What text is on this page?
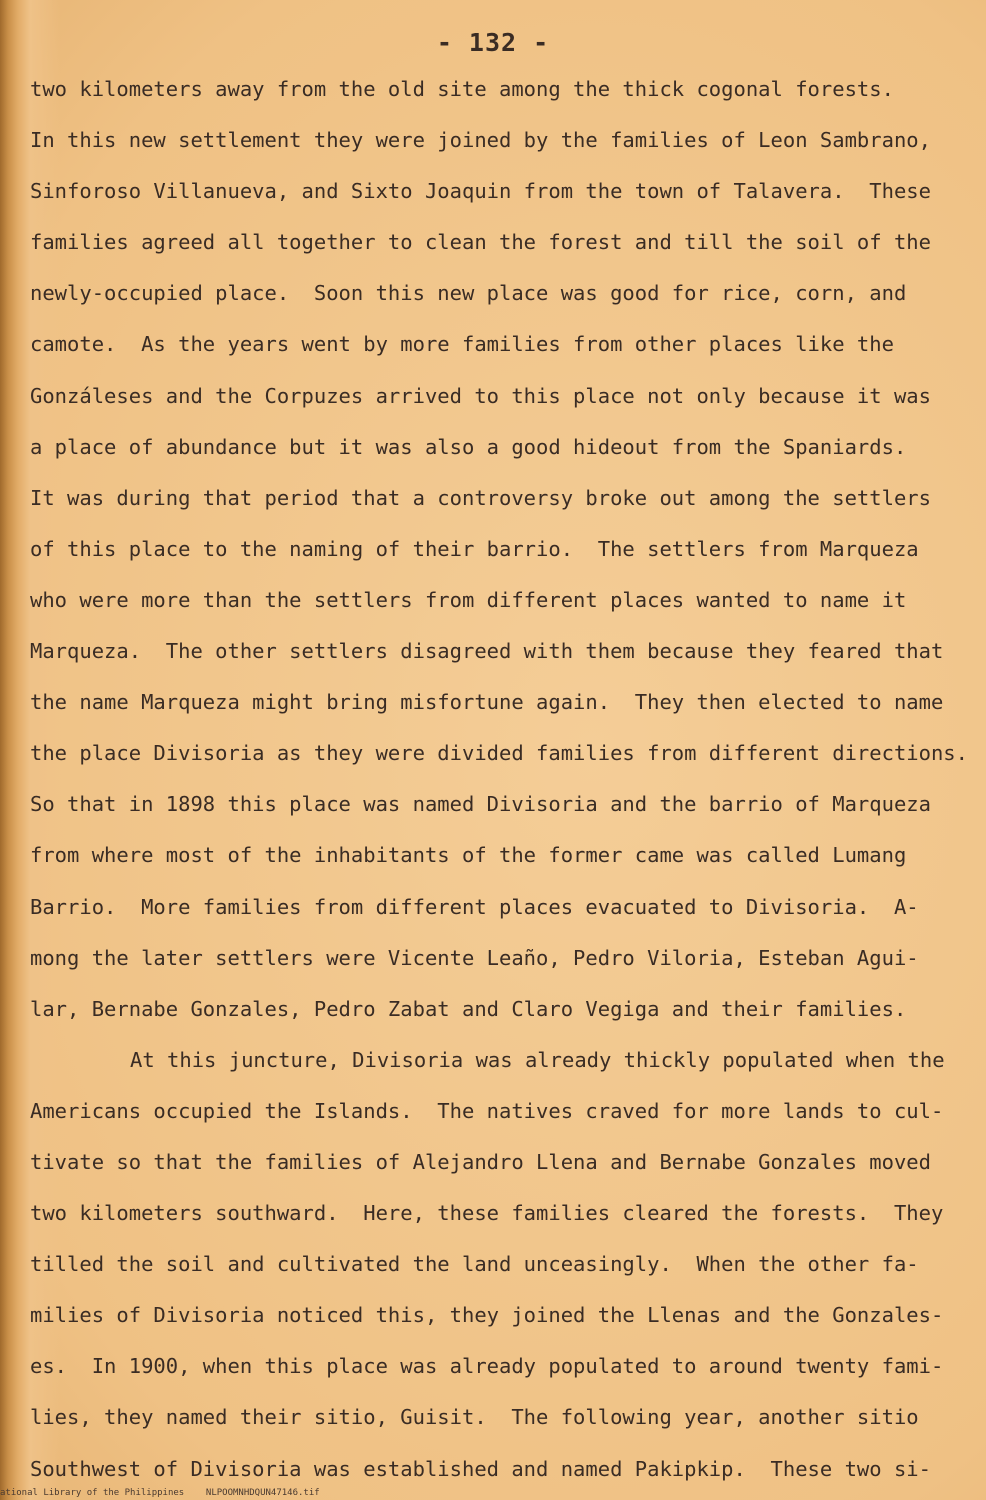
- 132 -
two kilometers away from the old site among the thick cogonal forests.
In this new settlement they were joined by the families of Leon Sambrano,
Sinforoso Villanueva, and Sixto Joaquin from the town of Talavera.  These
families agreed all together to clean the forest and till the soil of the
newly-occupied place.  Soon this new place was good for rice, corn, and
camote.  As the years went by more families from other places like the
Gonzáleses and the Corpuzes arrived to this place not only because it was
a place of abundance but it was also a good hideout from the Spaniards.
It was during that period that a controversy broke out among the settlers
of this place to the naming of their barrio.  The settlers from Marqueza
who were more than the settlers from different places wanted to name it
Marqueza.  The other settlers disagreed with them because they feared that
the name Marqueza might bring misfortune again.  They then elected to name
the place Divisoria as they were divided families from different directions.
So that in 1898 this place was named Divisoria and the barrio of Marqueza
from where most of the inhabitants of the former came was called Lumang
Barrio.  More families from different places evacuated to Divisoria.  A-
mong the later settlers were Vicente Leaño, Pedro Viloria, Esteban Agui-
lar, Bernabe Gonzales, Pedro Zabat and Claro Vegiga and their families.
At this juncture, Divisoria was already thickly populated when the
Americans occupied the Islands.  The natives craved for more lands to cul-
tivate so that the families of Alejandro Llena and Bernabe Gonzales moved
two kilometers southward.  Here, these families cleared the forests.  They
tilled the soil and cultivated the land unceasingly.  When the other fa-
milies of Divisoria noticed this, they joined the Llenas and the Gonzales-
es.  In 1900, when this place was already populated to around twenty fami-
lies, they named their sitio, Guisit.  The following year, another sitio
Southwest of Divisoria was established and named Pakipkip.  These two si-
ational Library of the Philippines    NLPOOMNHDQUN47146.tif
